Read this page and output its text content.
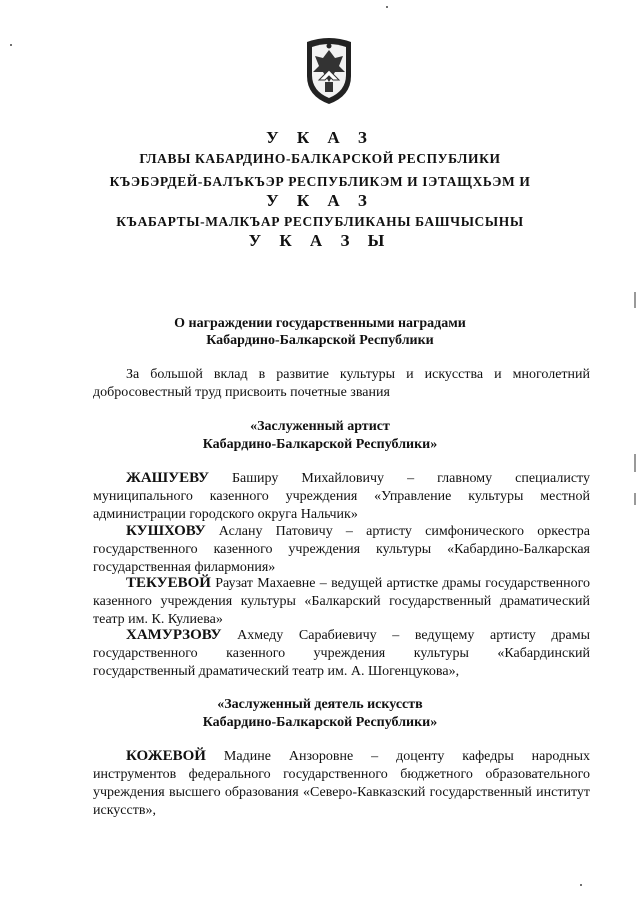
У К А З
ГЛАВЫ КАБАРДИНО-БАЛКАРСКОЙ РЕСПУБЛИКИ
КЪЭБЭРДЕЙ-БАЛЪКЪЭР РЕСПУБЛИКЭМ И ІЭТАЩХЬЭМ И
У К А З
КЪАБАРТЫ-МАЛКЪАР РЕСПУБЛИКАНЫ БАШЧЫСЫНЫ
У К А З Ы
О награждении государственными наградами
Кабардино-Балкарской Республики
За большой вклад в развитие культуры и искусства и многолетний добросовестный труд присвоить почетные звания
«Заслуженный артист
Кабардино-Балкарской Республики»
ЖАШУЕВУ Баширу Михайловичу – главному специалисту муниципального казенного учреждения «Управление культуры местной администрации городского округа Нальчик»
КУШХОВУ Аслану Патовичу – артисту симфонического оркестра государственного казенного учреждения культуры «Кабардино-Балкарская государственная филармония»
ТЕКУЕВОЙ Раузат Махаевне – ведущей артистке драмы государственного казенного учреждения культуры «Балкарский государственный драматический театр им. К. Кулиева»
ХАМУРЗОВУ Ахмеду Сарабиевичу – ведущему артисту драмы государственного казенного учреждения культуры «Кабардинский государственный драматический театр им. А. Шогенцукова»,
«Заслуженный деятель искусств
Кабардино-Балкарской Республики»
КОЖЕВОЙ Мадине Анзоровне – доценту кафедры народных инструментов федерального государственного бюджетного образовательного учреждения высшего образования «Северо-Кавказский государственный институт искусств»,
